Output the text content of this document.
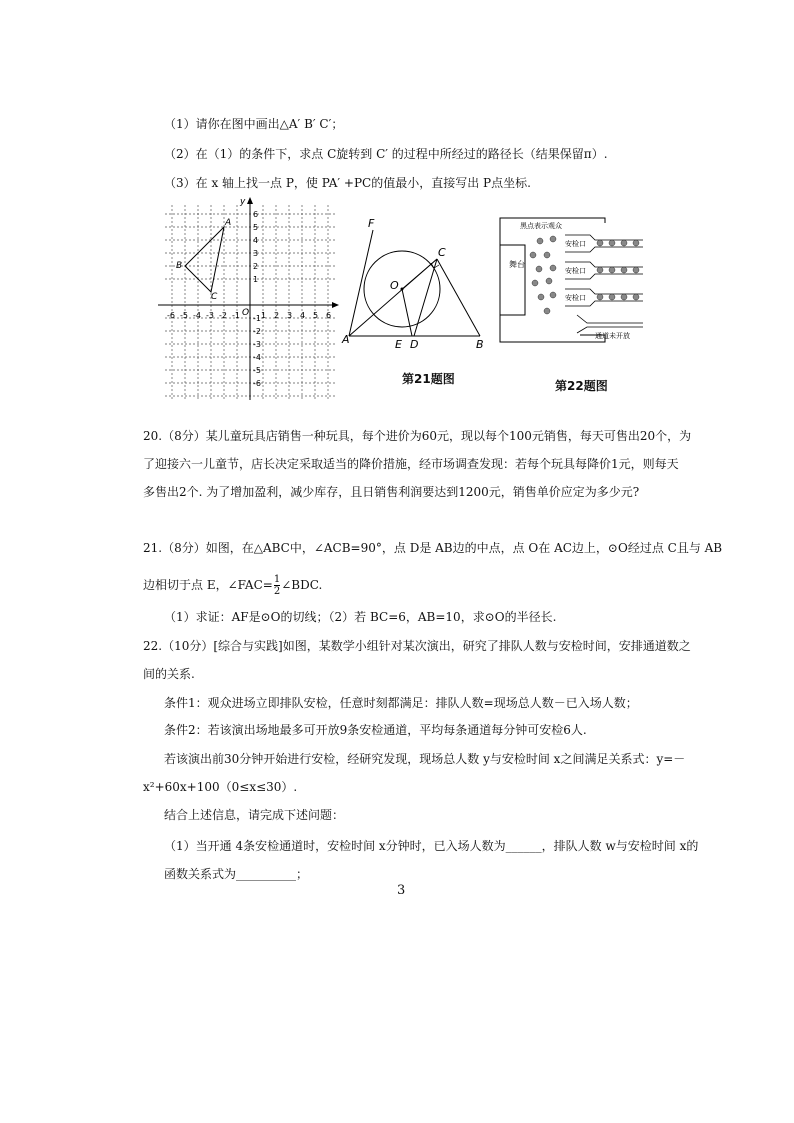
（1）请你在图中画出△A′ B′ C′；
（2）在（1）的条件下，求点 C旋转到 C′ 的过程中所经过的路径长（结果保留π）.
（3）在 x 轴上找一点 P，使 PA′ +PC的值最小，直接写出 P点坐标.
y
O
-6 -5 -4 -3 -2 -1	1 2 3 4 5 6
6
5
4
3
2
1
-1
-2
-3
-4
-5
-6
A
B
C
F
C
O
A	E D	B
第21题图
舞台
黑点表示观众
安检口
安检口
安检口
通道未开放
第22题图
20.（8分）某儿童玩具店销售一种玩具，每个进价为60元，现以每个100元销售，每天可售出20个，为
了迎接六一儿童节，店长决定采取适当的降价措施，经市场调查发现：若每个玩具每降价1元，则每天
多售出2个. 为了增加盈利，减少库存，且日销售利润要达到1200元，销售单价应定为多少元?
21.（8分）如图，在△ABC中，∠ACB=90°，点 D是 AB边的中点，点 O在 AC边上，⊙O经过点 C且与 AB
边相切于点 E，∠FAC= $\frac{1}{2}$ ∠BDC.
（1）求证：AF是⊙O的切线；（2）若 BC=6，AB=10，求⊙O的半径长.
22.（10分）[综合与实践]如图，某数学小组针对某次演出，研究了排队人数与安检时间，安排通道数之
间的关系.
条件1：观众进场立即排队安检，任意时刻都满足：排队人数=现场总人数－已入场人数；
条件2：若该演出场地最多可开放9条安检通道，平均每条通道每分钟可安检6人.
若该演出前30分钟开始进行安检，经研究发现，现场总人数 y与安检时间 x之间满足关系式：y=－
x²+60x+100（0≤x≤30）.
结合上述信息，请完成下述问题：
（1）当开通 4条安检通道时，安检时间 x分钟时，已入场人数为______，排队人数 w与安检时间 x的
函数关系式为__________；
3
